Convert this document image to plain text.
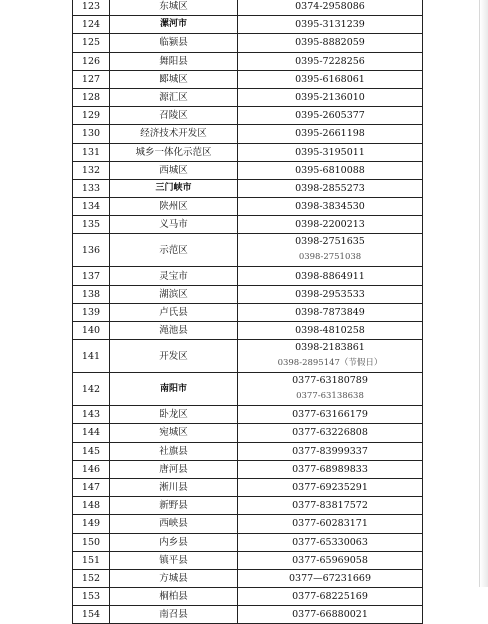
123	东城区	0374-2958086
124	漯河市	0395-3131239
125	临颍县	0395-8882059
126	舞阳县	0395-7228256
127	郾城区	0395-6168061
128	源汇区	0395-2136010
129	召陵区	0395-2605377
130	经济技术开发区	0395-2661198
131	城乡一体化示范区	0395-3195011
132	西城区	0395-6810088
133	三门峡市	0398-2855273
134	陕州区	0398-3834530
135	义马市	0398-2200213
136	示范区	0398-2751635
0398-2751038

137	灵宝市	0398-8864911
138	湖滨区	0398-2953533
139	卢氏县	0398-7873849
140	渑池县	0398-4810258
141	开发区	0398-2183861
0398-2895147（节假日）

142	南阳市	0377-63180789
0377-63138638

143	卧龙区	0377-63166179
144	宛城区	0377-63226808
145	社旗县	0377-83999337
146	唐河县	0377-68989833
147	淅川县	0377-69235291
148	新野县	0377-83817572
149	西峡县	0377-60283171
150	内乡县	0377-65330063
151	镇平县	0377-65969058
152	方城县	0377—67231669
153	桐柏县	0377-68225169
154	南召县	0377-66880021
